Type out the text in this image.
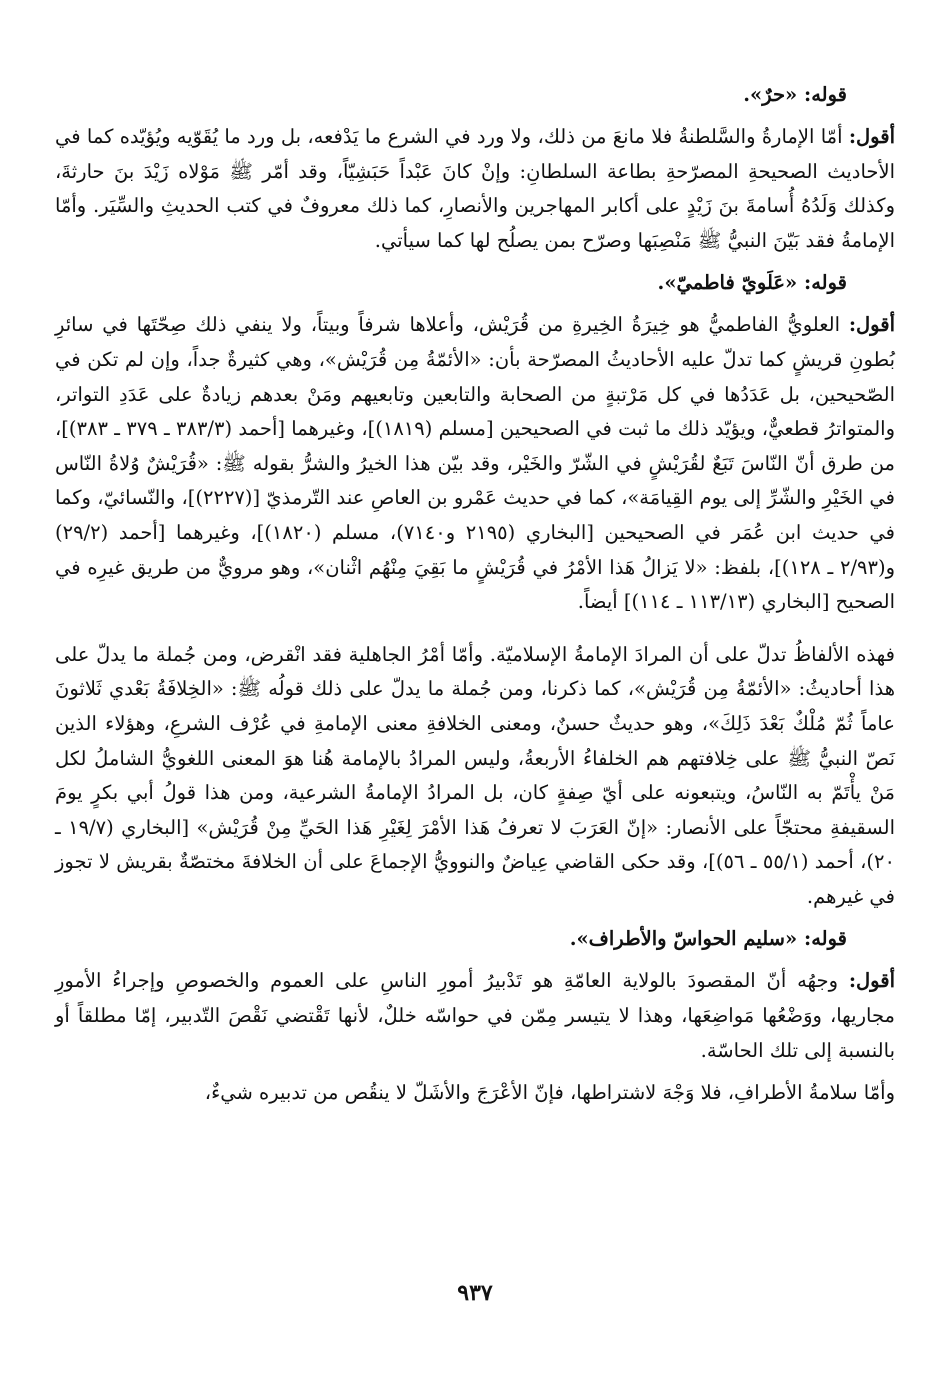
قوله: «حرٌ».

أقول: أمّا الإمارةُ والسَّلطنةُ فلا مانعَ من ذلك، ولا ورد في الشرع ما يَدْفعه، بل ورد ما يُقَوّيه ويُؤيّده كما في الأحاديث الصحيحةِ المصرّحةِ بطاعة السلطانِ: وإنْ كانَ عَبْداً حَبَشِيّاً، وقد أمّر ﷺ مَوْلاه زَيْدَ بنَ حارثةَ، وكذلك وَلَدُهُ أُسامةَ بنَ زَيْدٍ على أكابر المهاجرين والأنصارِ، كما ذلك معروفٌ في كتب الحديثِ والسِّيَر. وأمّا الإمامةُ فقد بَيّنَ النبيُّ ﷺ مَنْصِبَها وصرّح بمن يصلُح لها كما سيأتي.

قوله: «عَلَويّ فاطميّ».

أقول: العلويُّ الفاطميُّ هو خِيرَةُ الخِيرةِ من قُرَيْش، وأعلاها شرفاً وبيتاً، ولا ينفي ذلك صِحّتَها في سائرِ بُطونِ قريشٍ كما تدلّ عليه الأحاديثُ المصرّحة بأن: «الأئمّةُ مِن قُرَيْش»، وهي كثيرةٌ جداً، وإن لم تكن في الصّحيحين، بل عَدَدُها في كل مَرْتبةٍ من الصحابة والتابعين وتابعيهم ومَنْ بعدهم زيادةٌ على عَدَدِ التواتر، والمتواترُ قطعيٌّ، ويؤيّد ذلك ما ثبت في الصحيحين [مسلم (١٨١٩)]، وغيرهما [أحمد (٣٨٣/٣ ـ ٣٧٩ ـ ٣٨٣)]، من طرق أنّ النّاسَ تَبَعٌ لقُرَيْشٍ في الشّرّ والخَيْر، وقد بيّن هذا الخيرُ والشرُّ بقوله ﷺ: «قُرَيْشٌ وُلاةُ النّاس في الخَيْرِ والشّرِّ إلى يوم القِيامَة»، كما في حديث عَمْرو بن العاصِ عند التّرمذيّ [(٢٢٢٧)]، والنّسائيّ، وكما في حديث ابن عُمَر في الصحيحين [البخاري (٢١٩٥ و٧١٤٠)، مسلم (١٨٢٠)]، وغيرهما [أحمد (٢٩/٢) و(٢/٩٣ ـ ١٢٨)]، بلفظ: «لا يَزالُ هَذا الأمْرُ في قُرَيْشٍ ما بَقِيَ مِنْهُم اثْنان»، وهو مرويٌّ من طريق غيرِه في الصحيح [البخاري (١١٣/١٣ ـ ١١٤)] أيضاً.

فهذه الألفاظُ تدلّ على أن المرادَ الإمامةُ الإسلاميّة. وأمّا أمْرُ الجاهلية فقد انْقرض، ومن جُملة ما يدلّ على هذا أحاديثُ: «الأئمّةُ مِن قُرَيْش»، كما ذكرنا، ومن جُملة ما يدلّ على ذلك قولُه ﷺ: «الخِلافَةُ بَعْدي ثَلاثونَ عاماً ثُمّ مُلْكٌ بَعْدَ ذَلِكَ»، وهو حديثٌ حسنٌ، ومعنى الخلافةِ معنى الإمامةِ في عُرْف الشرعِ، وهؤلاء الذين نَصّ النبيُّ ﷺ على خِلافتهم هم الخلفاءُ الأربعةُ، وليس المرادُ بالإمامة هُنا هوَ المعنى اللغويُّ الشاملُ لكل مَنْ يأْتَمّ به النّاسُ، ويتبعونه على أيّ صِفةٍ كان، بل المرادُ الإمامةُ الشرعية، ومن هذا قولُ أبي بكرٍ يومَ السقيفةِ محتجّاً على الأنصار: «إنّ العَرَبَ لا تعرفُ هَذا الأمْرَ لِغَيْرِ هَذا الحَيِّ مِنْ قُرَيْش» [البخاري (١٩/٧ ـ ٢٠)، أحمد (٥٥/١ ـ ٥٦)]، وقد حكى القاضي عِياضٌ والنوويُّ الإجماعَ على أن الخلافةَ مختصّةٌ بقريش لا تجوز في غيرهم.

قوله: «سليم الحواسّ والأطراف».

أقول: وجهُه أنّ المقصودَ بالولاية العامّةِ هو تَدْبيرُ أمورِ الناسِ على العموم والخصوصِ وإجراءُ الأمورِ مجاريها، ووَضْعُها مَواضِعَها، وهذا لا يتيسر مِمّن في حواسّه خللٌ، لأنها تَقْتضي نَقْصَ التّدبير، إمّا مطلقاً أو بالنسبة إلى تلك الحاسّة.

وأمّا سلامةُ الأطرافِ، فلا وَجْهَ لاشتراطها، فإنّ الأعْرَجَ والأشَلّ لا ينقُص من تدبيره شيءٌ،

٩٣٧
